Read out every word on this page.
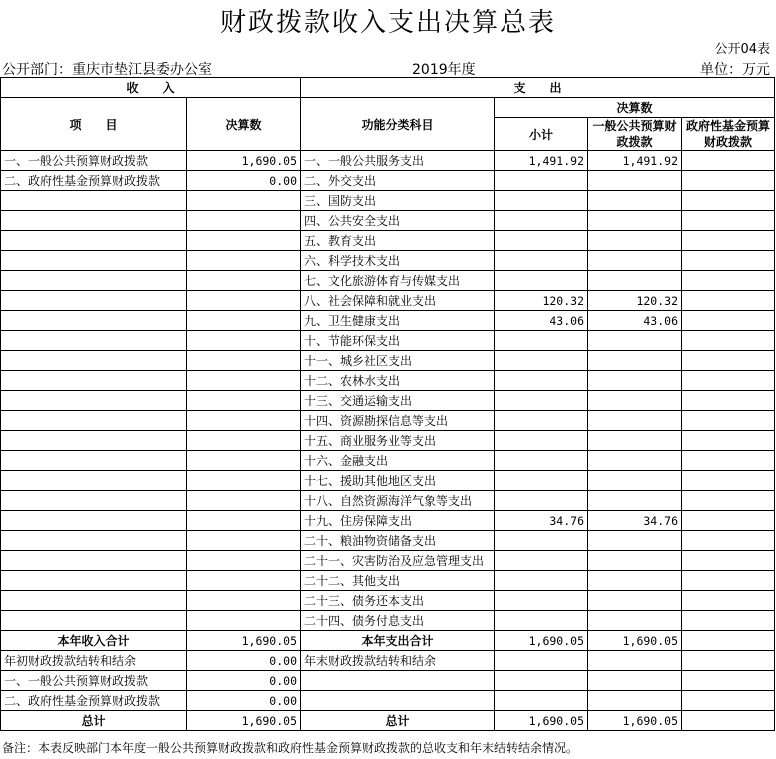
财政拨款收入支出决算总表
公开04表
公开部门：重庆市垫江县委办公室	2019年度	单位：万元
收　　入		支　　出			
项　　目	决算数	功能分类科目	决算数		
			小计	一般公共预算财政拨款	政府性基金预算财政拨款

一、一般公共预算财政拨款	1,690.05	一、一般公共服务支出	1,491.92	1,491.92	
二、政府性基金预算财政拨款	0.00	二、外交支出			
		三、国防支出			
		四、公共安全支出			
		五、教育支出			
		六、科学技术支出			
		七、文化旅游体育与传媒支出			
		八、社会保障和就业支出	120.32	120.32	
		九、卫生健康支出	43.06	43.06	
		十、节能环保支出			
		十一、城乡社区支出			
		十二、农林水支出			
		十三、交通运输支出			
		十四、资源勘探信息等支出			
		十五、商业服务业等支出			
		十六、金融支出			
		十七、援助其他地区支出			
		十八、自然资源海洋气象等支出			
		十九、住房保障支出	34.76	34.76	
		二十、粮油物资储备支出			
		二十一、灾害防治及应急管理支出			
		二十二、其他支出			
		二十三、债务还本支出			
		二十四、债务付息支出			
本年收入合计	1,690.05	本年支出合计	1,690.05	1,690.05	
年初财政拨款结转和结余	0.00	年末财政拨款结转和结余			
一、一般公共预算财政拨款	0.00				
二、政府性基金预算财政拨款	0.00				
总计	1,690.05	总计	1,690.05	1,690.05	
备注：本表反映部门本年度一般公共预算财政拨款和政府性基金预算财政拨款的总收支和年末结转结余情况。
